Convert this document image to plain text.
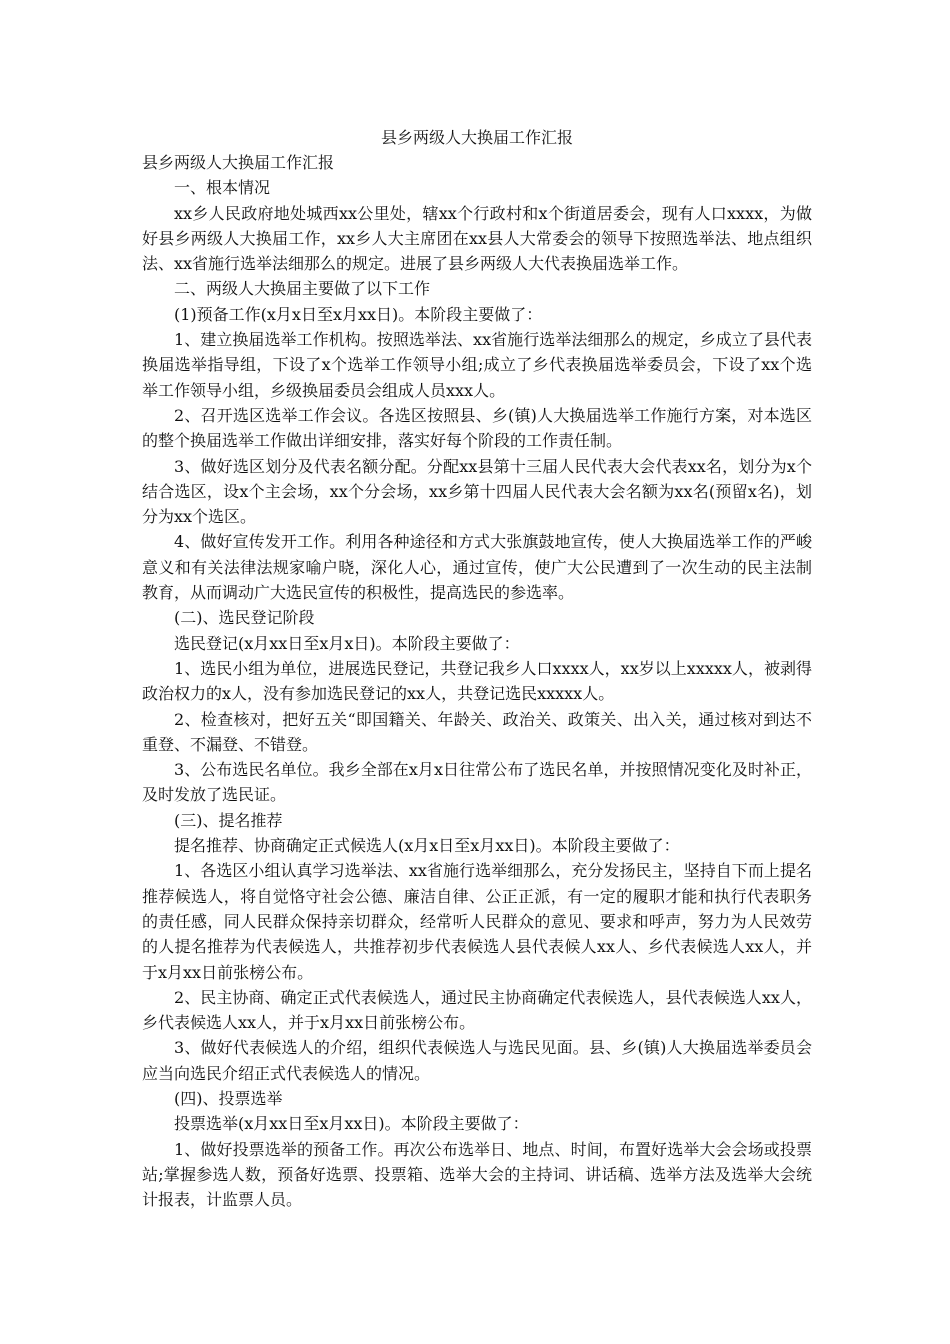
县乡两级人大换届工作汇报

县乡两级人大换届工作汇报

一、根本情况

xx乡人民政府地处城西xx公里处，辖xx个行政村和x个街道居委会，现有人口xxxx，为做好县乡两级人大换届工作，xx乡人大主席团在xx县人大常委会的领导下按照选举法、地点组织法、xx省施行选举法细那么的规定。进展了县乡两级人大代表换届选举工作。

二、两级人大换届主要做了以下工作

(1)预备工作(x月x日至x月xx日)。本阶段主要做了：

1、建立换届选举工作机构。按照选举法、xx省施行选举法细那么的规定，乡成立了县代表换届选举指导组，下设了x个选举工作领导小组;成立了乡代表换届选举委员会，下设了xx个选举工作领导小组，乡级换届委员会组成人员xxx人。

2、召开选区选举工作会议。各选区按照县、乡(镇)人大换届选举工作施行方案，对本选区的整个换届选举工作做出详细安排，落实好每个阶段的工作责任制。

3、做好选区划分及代表名额分配。分配xx县第十三届人民代表大会代表xx名，划分为x个结合选区，设x个主会场，xx个分会场，xx乡第十四届人民代表大会名额为xx名(预留x名)，划分为xx个选区。

4、做好宣传发开工作。利用各种途径和方式大张旗鼓地宣传，使人大换届选举工作的严峻意义和有关法律法规家喻户晓，深化人心，通过宣传，使广大公民遭到了一次生动的民主法制教育，从而调动广大选民宣传的积极性，提高选民的参选率。

(二)、选民登记阶段

选民登记(x月xx日至x月x日)。本阶段主要做了：

1、选民小组为单位，进展选民登记，共登记我乡人口xxxx人，xx岁以上xxxxx人，被剥得政治权力的x人，没有参加选民登记的xx人，共登记选民xxxxx人。

2、检查核对，把好五关“即国籍关、年龄关、政治关、政策关、出入关，通过核对到达不重登、不漏登、不错登。

3、公布选民名单位。我乡全部在x月x日往常公布了选民名单，并按照情况变化及时补正，及时发放了选民证。

(三)、提名推荐

提名推荐、协商确定正式候选人(x月x日至x月xx日)。本阶段主要做了：

1、各选区小组认真学习选举法、xx省施行选举细那么，充分发扬民主，坚持自下而上提名推荐候选人，将自觉恪守社会公德、廉洁自律、公正正派，有一定的履职才能和执行代表职务的责任感，同人民群众保持亲切群众，经常听人民群众的意见、要求和呼声，努力为人民效劳的人提名推荐为代表候选人，共推荐初步代表候选人县代表候人xx人、乡代表候选人xx人，并于x月xx日前张榜公布。

2、民主协商、确定正式代表候选人，通过民主协商确定代表候选人，县代表候选人xx人，乡代表候选人xx人，并于x月xx日前张榜公布。

3、做好代表候选人的介绍，组织代表候选人与选民见面。县、乡(镇)人大换届选举委员会应当向选民介绍正式代表候选人的情况。

(四)、投票选举

投票选举(x月xx日至x月xx日)。本阶段主要做了：

1、做好投票选举的预备工作。再次公布选举日、地点、时间，布置好选举大会会场或投票站;掌握参选人数，预备好选票、投票箱、选举大会的主持词、讲话稿、选举方法及选举大会统计报表，计监票人员。
